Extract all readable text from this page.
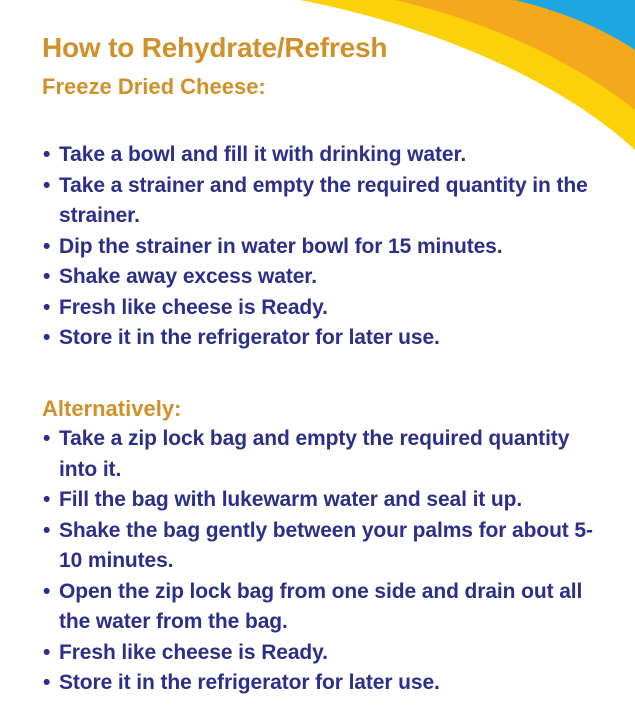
How to Rehydrate/Refresh
Freeze Dried Cheese:
• Take a bowl and fill it with drinking water.
• Take a strainer and empty the required quantity in the strainer.
• Dip the strainer in water bowl for 15 minutes.
• Shake away excess water.
• Fresh like cheese is Ready.
• Store it in the refrigerator for later use.
Alternatively:
• Take a zip lock bag and empty the required quantity into it.
• Fill the bag with lukewarm water and seal it up.
• Shake the bag gently between your palms for about 5-10 minutes.
• Open the zip lock bag from one side and drain out all the water from the bag.
• Fresh like cheese is Ready.
• Store it in the refrigerator for later use.
